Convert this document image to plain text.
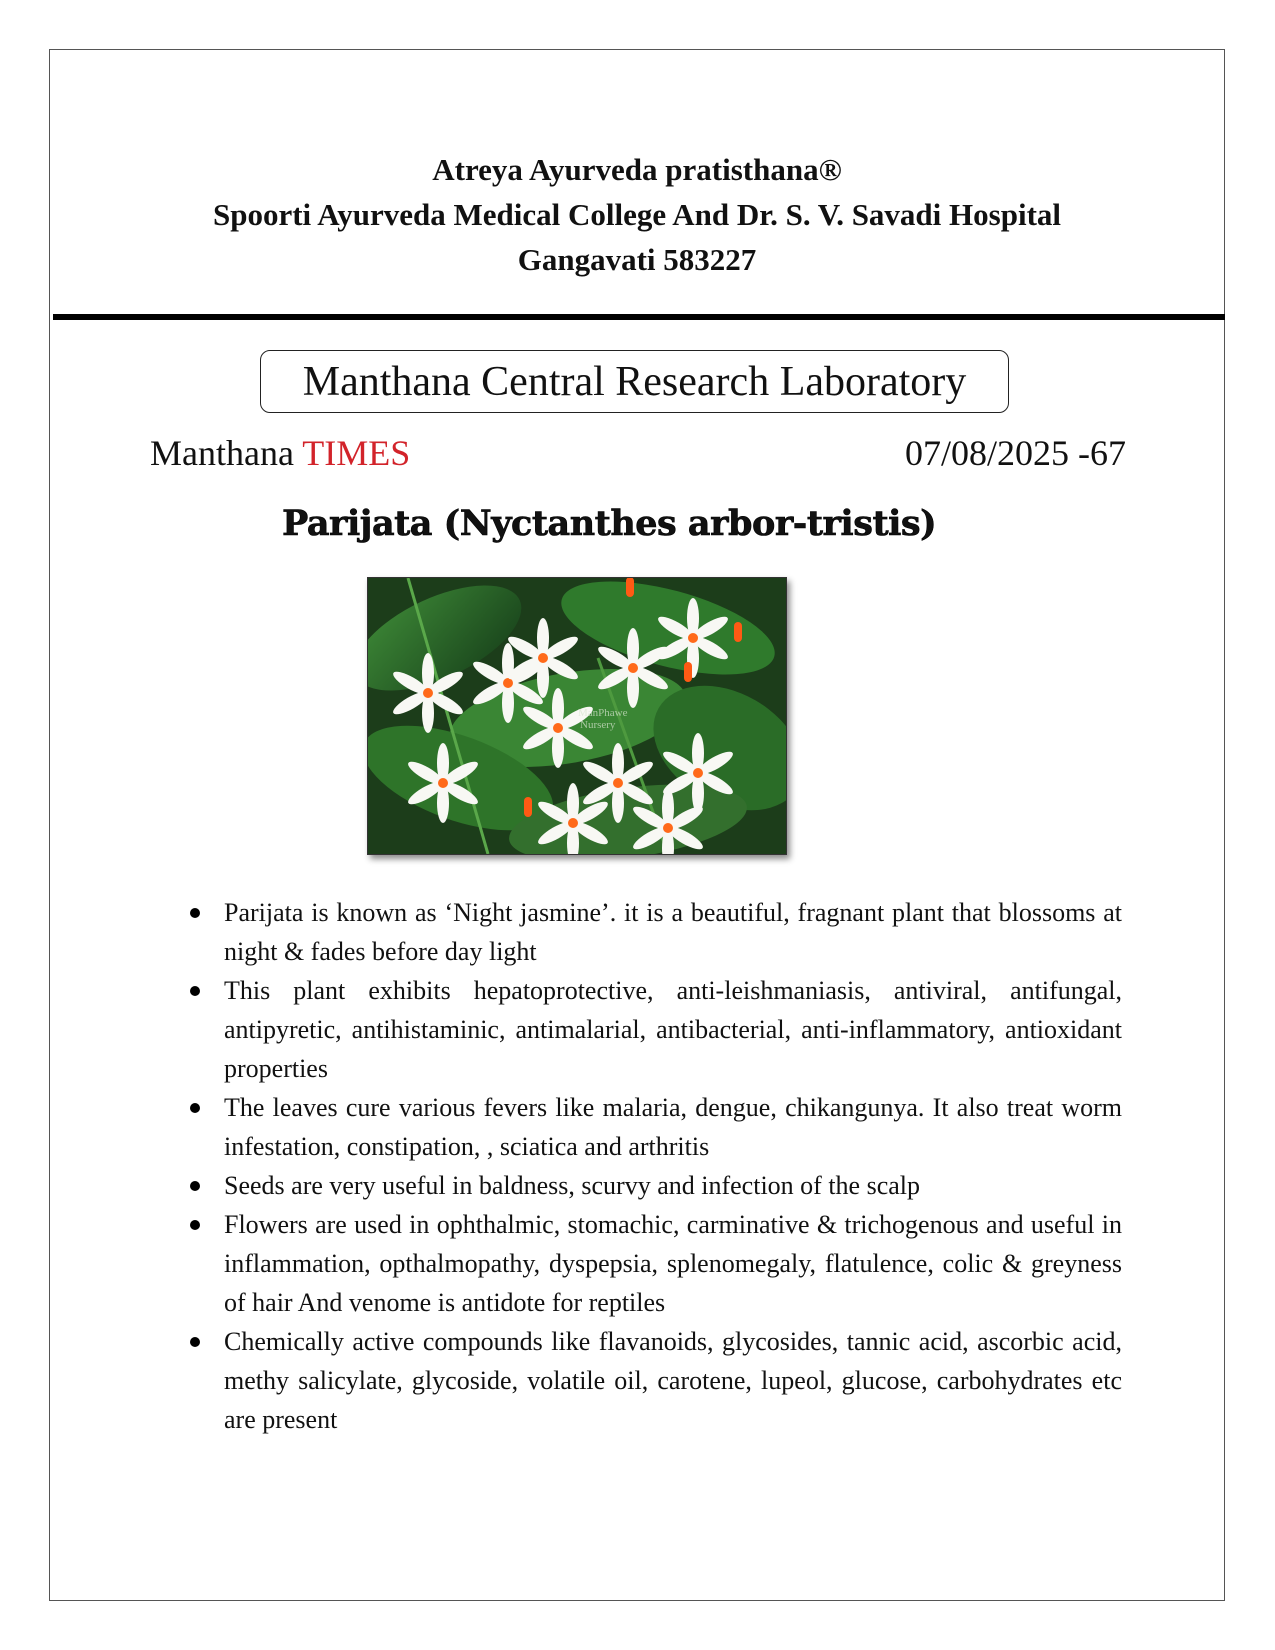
Atreya Ayurveda pratisthana®
Spoorti Ayurveda Medical College And Dr. S. V. Savadi Hospital
Gangavati 583227
Manthana Central Research Laboratory
Manthana TIMES	07/08/2025 -67
Parijata (Nyctanthes arbor-tristis)
ManPhawe
Nursery
Parijata is known as ‘Night jasmine’. it is a beautiful, fragnant plant that blossoms at night & fades before day light
This plant exhibits hepatoprotective, anti-leishmaniasis, antiviral, antifungal, antipyretic, antihistaminic, antimalarial, antibacterial, anti-inflammatory, antioxidant properties
The leaves cure various fevers like malaria, dengue, chikangunya. It also treat worm infestation, constipation, , sciatica and arthritis
Seeds are very useful in baldness, scurvy and infection of the scalp
Flowers are used in ophthalmic, stomachic, carminative & trichogenous and useful in inflammation, opthalmopathy, dyspepsia, splenomegaly, flatulence, colic & greyness of hair And venome is antidote for reptiles
Chemically active compounds like flavanoids, glycosides, tannic acid, ascorbic acid, methy salicylate, glycoside, volatile oil, carotene, lupeol, glucose, carbohydrates etc are present
